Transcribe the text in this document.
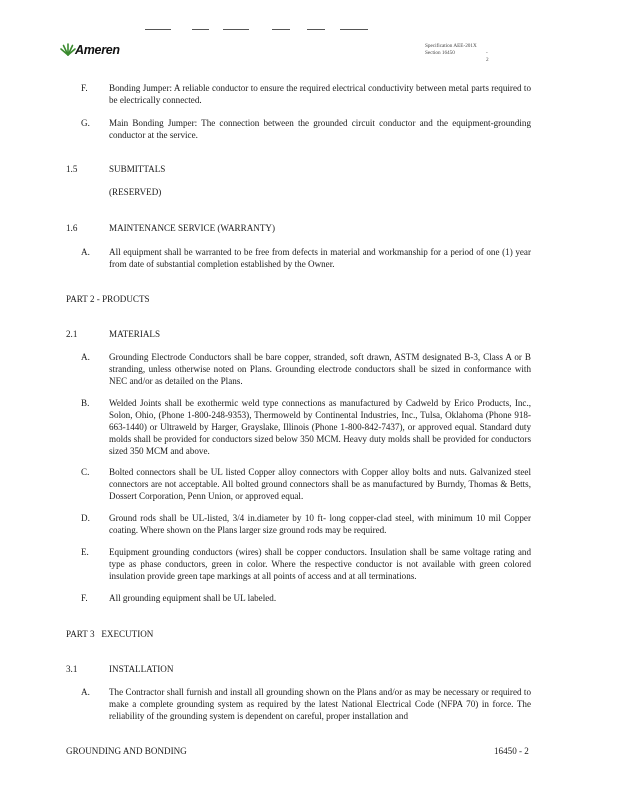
Ameren	Specification AEE-201X
Section 16450	- 2
F. Bonding Jumper: A reliable conductor to ensure the required electrical conductivity between metal parts required to be electrically connected.
G. Main Bonding Jumper: The connection between the grounded circuit conductor and the equipment-grounding conductor at the service.
1.5	SUBMITTALS
(RESERVED)
1.6	MAINTENANCE SERVICE (WARRANTY)
A. All equipment shall be warranted to be free from defects in material and workmanship for a period of one (1) year from date of substantial completion established by the Owner.
PART 2 - PRODUCTS
2.1	MATERIALS
A. Grounding Electrode Conductors shall be bare copper, stranded, soft drawn, ASTM designated B-3, Class A or B stranding, unless otherwise noted on Plans. Grounding electrode conductors shall be sized in conformance with NEC and/or as detailed on the Plans.
B. Welded Joints shall be exothermic weld type connections as manufactured by Cadweld by Erico Products, Inc., Solon, Ohio, (Phone 1-800-248-9353), Thermoweld by Continental Industries, Inc., Tulsa, Oklahoma (Phone 918-663-1440) or Ultraweld by Harger, Grayslake, Illinois (Phone 1-800-842-7437), or approved equal. Standard duty molds shall be provided for conductors sized below 350 MCM. Heavy duty molds shall be provided for conductors sized 350 MCM and above.
C. Bolted connectors shall be UL listed Copper alloy connectors with Copper alloy bolts and nuts. Galvanized steel connectors are not acceptable. All bolted ground connectors shall be as manufactured by Burndy, Thomas & Betts, Dossert Corporation, Penn Union, or approved equal.
D. Ground rods shall be UL-listed, 3/4 in.diameter by 10 ft- long copper-clad steel, with minimum 10 mil Copper coating. Where shown on the Plans larger size ground rods may be required.
E. Equipment grounding conductors (wires) shall be copper conductors. Insulation shall be same voltage rating and type as phase conductors, green in color. Where the respective conductor is not available with green colored insulation provide green tape markings at all points of access and at all terminations.
F. All grounding equipment shall be UL labeled.
PART 3   EXECUTION
3.1	INSTALLATION
A. The Contractor shall furnish and install all grounding shown on the Plans and/or as may be necessary or required to make a complete grounding system as required by the latest National Electrical Code (NFPA 70) in force. The reliability of the grounding system is dependent on careful, proper installation and
GROUNDING AND BONDING	16450 - 2
